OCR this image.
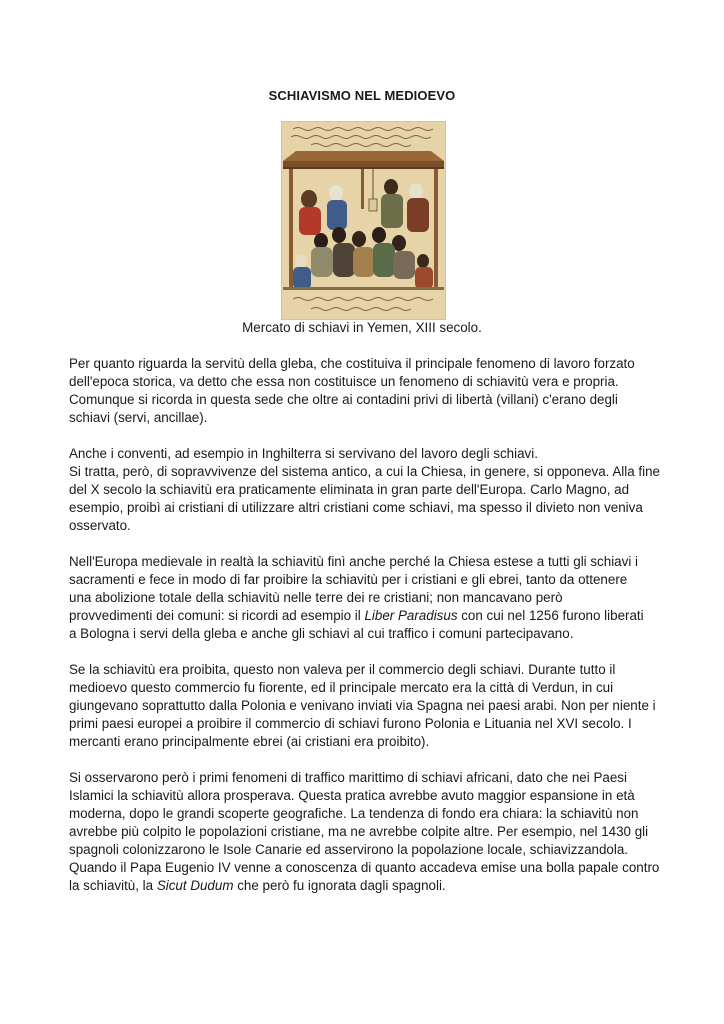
SCHIAVISMO NEL MEDIOEVO
Mercato di schiavi in Yemen, XIII secolo.

Per quanto riguarda la servitù della gleba, che costituiva il principale fenomeno di lavoro forzato
dell'epoca storica, va detto che essa non costituisce un fenomeno di schiavitù vera e propria.
Comunque si ricorda in questa sede che oltre ai contadini privi di libertà (villani) c'erano degli
schiavi (servi, ancillae).

Anche i conventi, ad esempio in Inghilterra si servivano del lavoro degli schiavi.
Si tratta, però, di sopravvivenze del sistema antico, a cui la Chiesa, in genere, si opponeva. Alla fine
del X secolo la schiavitù era praticamente eliminata in gran parte dell'Europa. Carlo Magno, ad
esempio, proibì ai cristiani di utilizzare altri cristiani come schiavi, ma spesso il divieto non veniva
osservato.

Nell'Europa medievale in realtà la schiavitù finì anche perché la Chiesa estese a tutti gli schiavi i
sacramenti e fece in modo di far proibire la schiavitù per i cristiani e gli ebrei, tanto da ottenere
una abolizione totale della schiavitù nelle terre dei re cristiani; non mancavano però
provvedimenti dei comuni: si ricordi ad esempio il Liber Paradisus con cui nel 1256 furono liberati
a Bologna i servi della gleba e anche gli schiavi al cui traffico i comuni partecipavano.

Se la schiavitù era proibita, questo non valeva per il commercio degli schiavi. Durante tutto il
medioevo questo commercio fu fiorente, ed il principale mercato era la città di Verdun, in cui
giungevano soprattutto dalla Polonia e venivano inviati via Spagna nei paesi arabi. Non per niente i
primi paesi europei a proibire il commercio di schiavi furono Polonia e Lituania nel XVI secolo. I
mercanti erano principalmente ebrei (ai cristiani era proibito).

Si osservarono però i primi fenomeni di traffico marittimo di schiavi africani, dato che nei Paesi
Islamici la schiavitù allora prosperava. Questa pratica avrebbe avuto maggior espansione in età
moderna, dopo le grandi scoperte geografiche. La tendenza di fondo era chiara: la schiavitù non
avrebbe più colpito le popolazioni cristiane, ma ne avrebbe colpite altre. Per esempio, nel 1430 gli
spagnoli colonizzarono le Isole Canarie ed asservirono la popolazione locale, schiavizzandola.
Quando il Papa Eugenio IV venne a conoscenza di quanto accadeva emise una bolla papale contro
la schiavitù, la Sicut Dudum che però fu ignorata dagli spagnoli.
